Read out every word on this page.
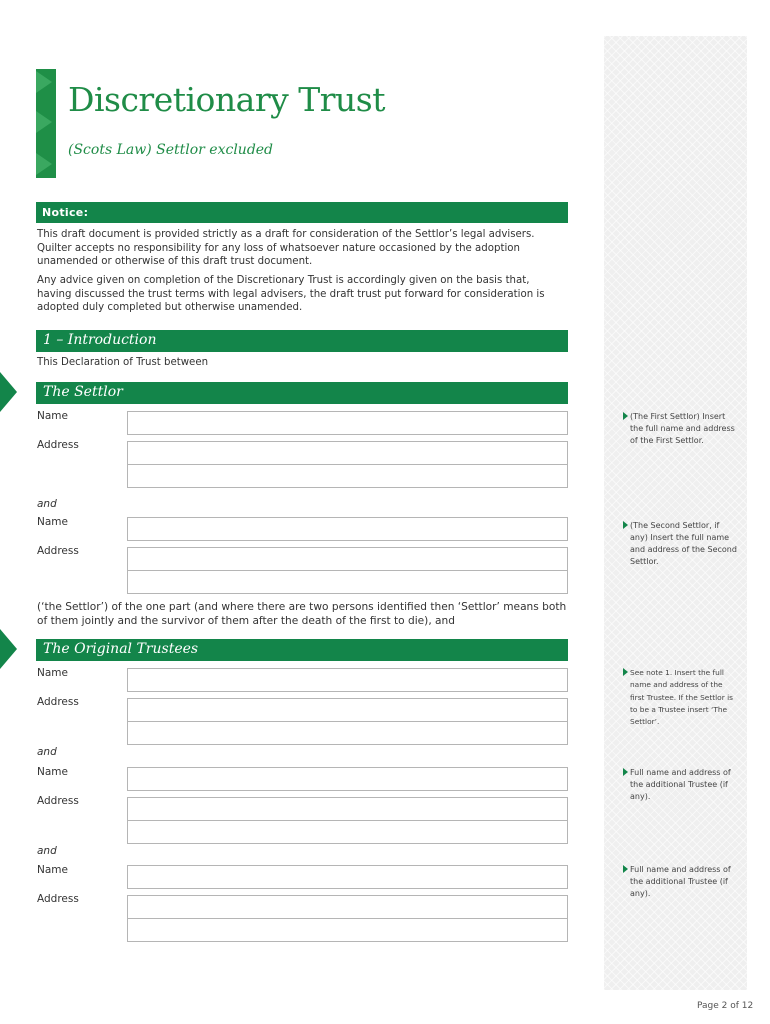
Discretionary Trust
(Scots Law) Settlor excluded
Notice:
This draft document is provided strictly as a draft for consideration of the Settlor’s legal advisers. Quilter accepts no responsibility for any loss of whatsoever nature occasioned by the adoption unamended or otherwise of this draft trust document.
Any advice given on completion of the Discretionary Trust is accordingly given on the basis that, having discussed the trust terms with legal advisers, the draft trust put forward for consideration is adopted duly completed but otherwise unamended.
1 – Introduction
This Declaration of Trust between
The Settlor
Name
Address
and
Name
Address
(‘the Settlor’) of the one part (and where there are two persons identified then ‘Settlor’ means both of them jointly and the survivor of them after the death of the first to die), and
The Original Trustees
Name
Address
and
Name
Address
and
Name
Address
(The First Settlor) Insert the full name and address of the First Settlor.
(The Second Settlor, if any) Insert the full name and address of the Second Settlor.
See note 1. Insert the full name and address of the first Trustee. If the Settlor is to be a Trustee insert ‘The Settlor’.
Full name and address of the additional Trustee (if any).
Full name and address of the additional Trustee (if any).
Page 2 of 12
